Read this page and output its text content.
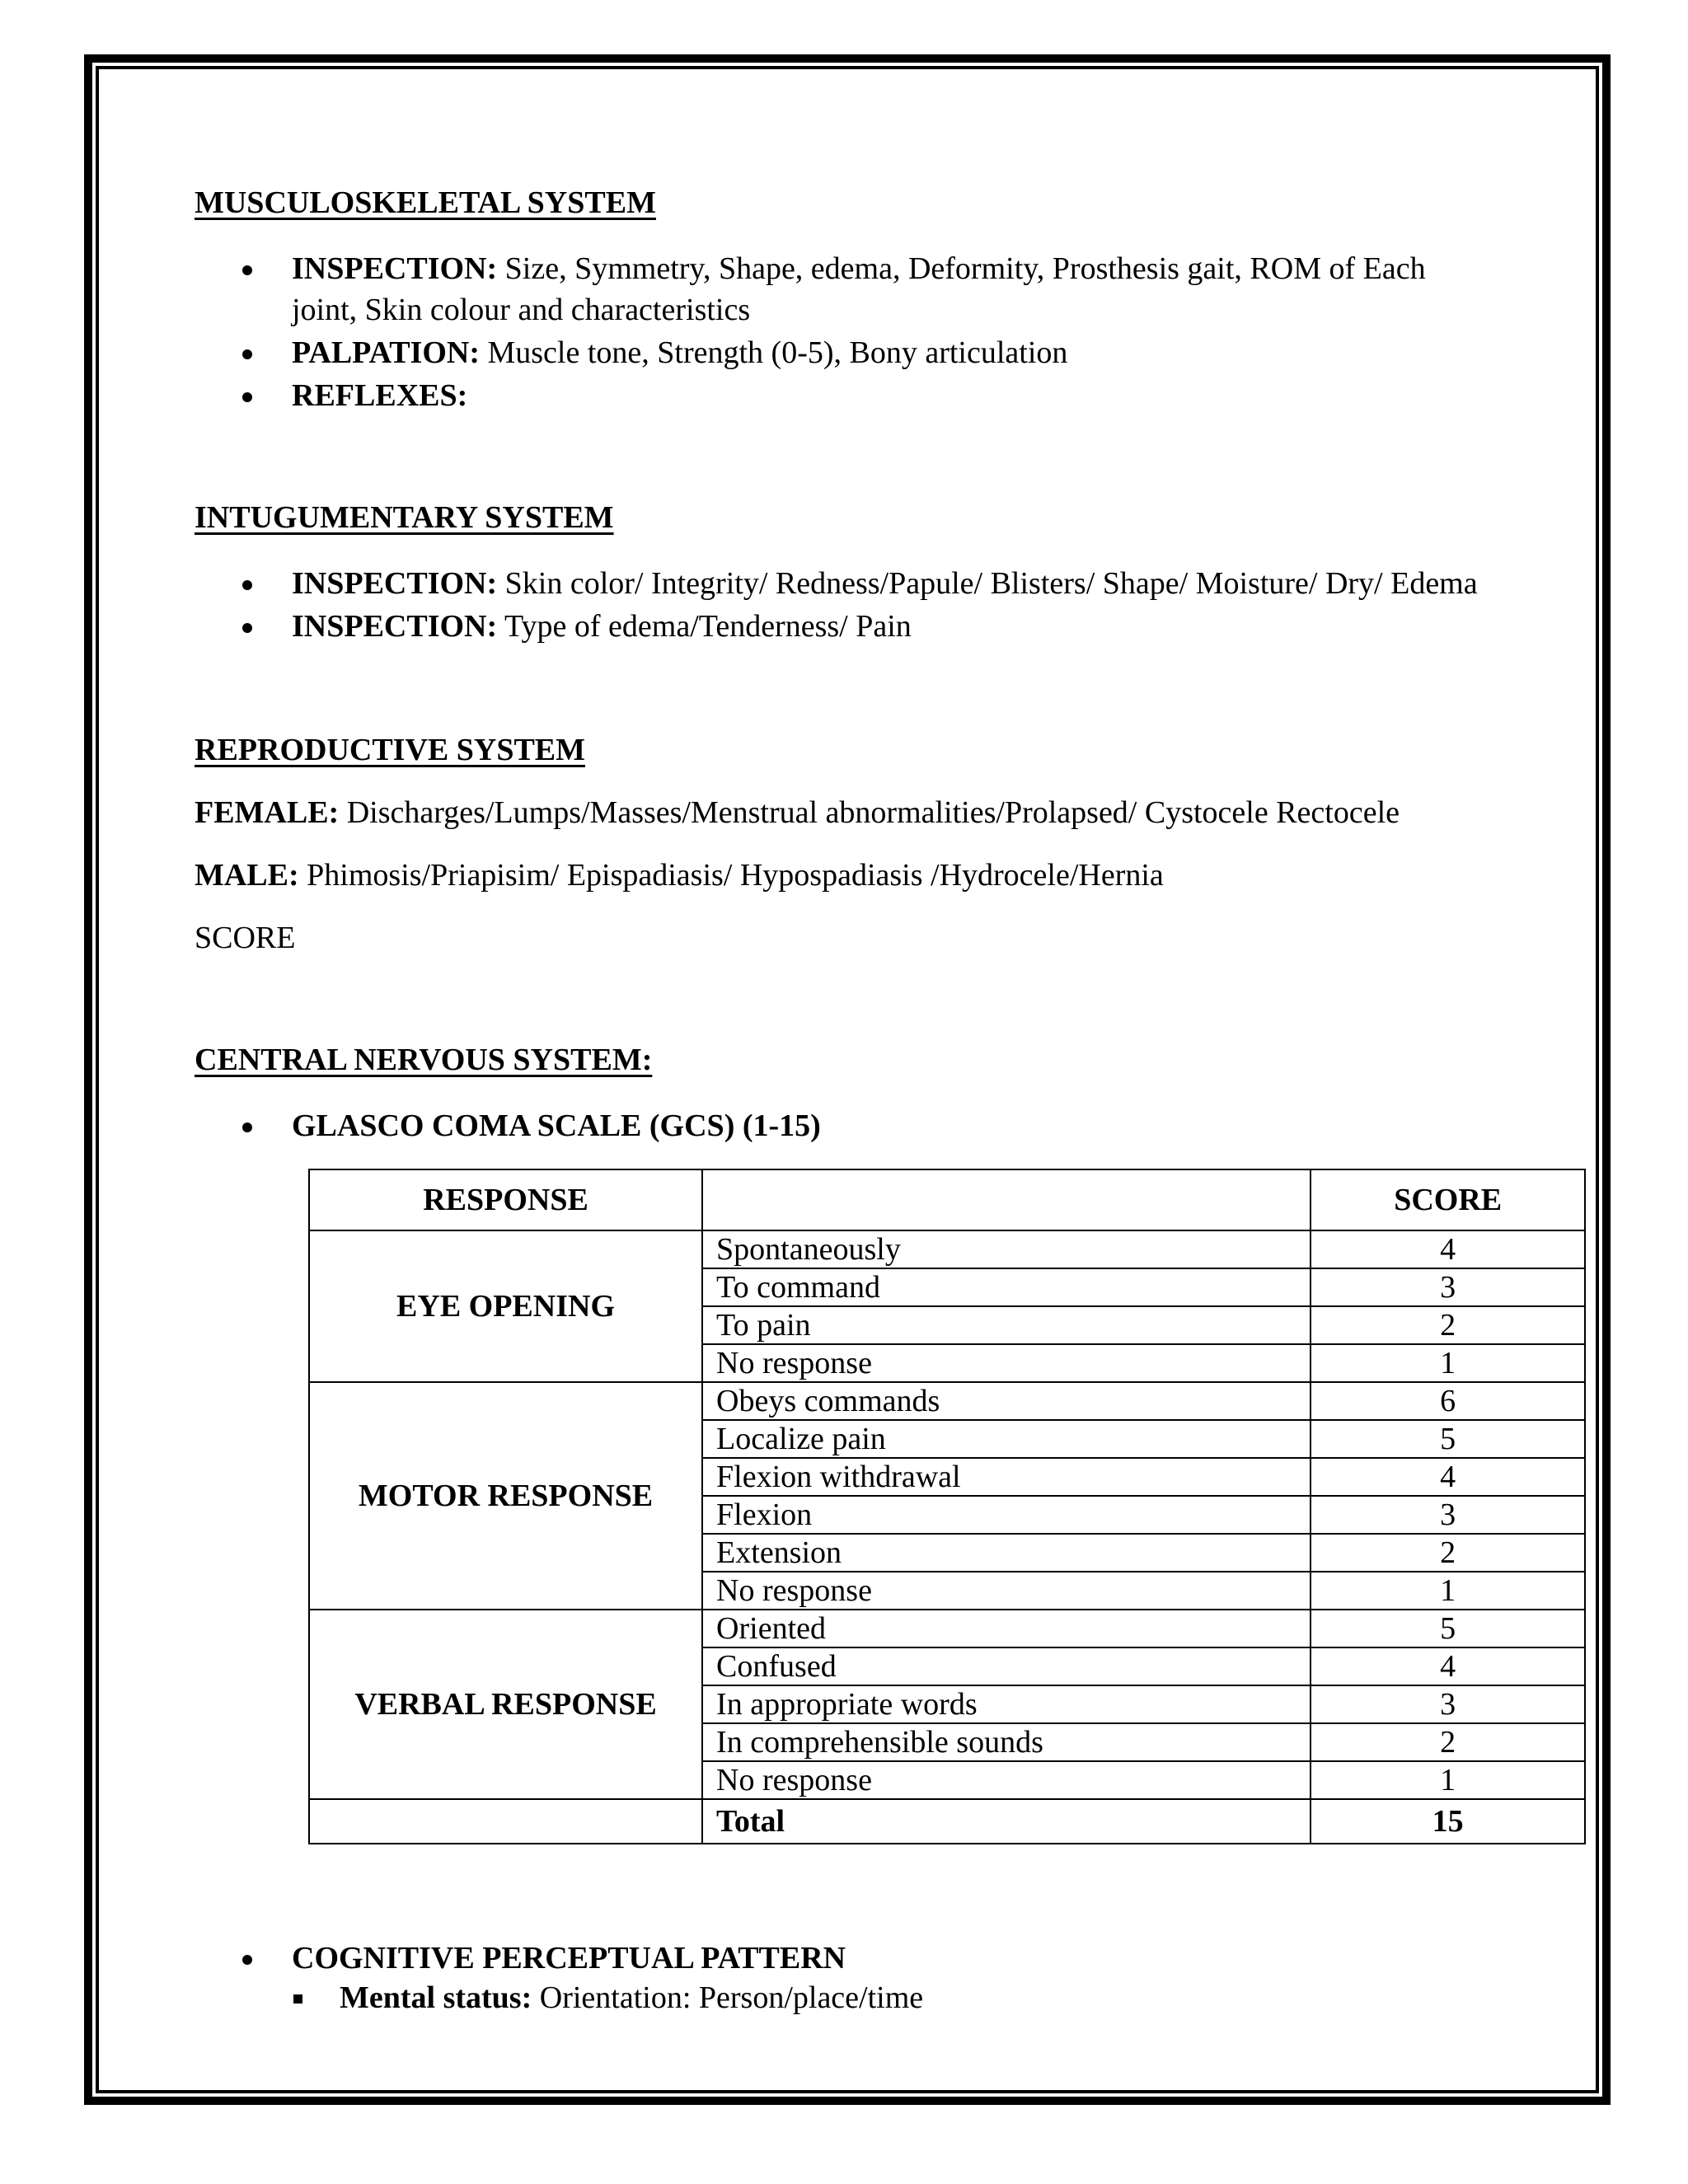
MUSCULOSKELETAL SYSTEM
INSPECTION: Size, Symmetry, Shape, edema, Deformity, Prosthesis gait, ROM of Each
joint, Skin colour and characteristics
PALPATION: Muscle tone, Strength (0-5), Bony articulation
REFLEXES:
INTUGUMENTARY SYSTEM
INSPECTION: Skin color/ Integrity/ Redness/Papule/ Blisters/ Shape/ Moisture/ Dry/ Edema
INSPECTION: Type of edema/Tenderness/ Pain
REPRODUCTIVE SYSTEM
FEMALE: Discharges/Lumps/Masses/Menstrual abnormalities/Prolapsed/ Cystocele Rectocele
MALE: Phimosis/Priapisim/ Epispadiasis/ Hypospadiasis /Hydrocele/Hernia
SCORE
CENTRAL NERVOUS SYSTEM:
GLASCO COMA SCALE (GCS) (1-15)
RESPONSE		SCORE
EYE OPENING	Spontaneously	4
	To command	3
	To pain	2
	No response	1
MOTOR RESPONSE	Obeys commands	6
	Localize pain	5
	Flexion withdrawal	4
	Flexion	3
	Extension	2
	No response	1
VERBAL RESPONSE	Oriented	5
	Confused	4
	In appropriate words	3
	In comprehensible sounds	2
	No response	1
	Total	15
COGNITIVE PERCEPTUAL PATTERN
Mental status: Orientation: Person/place/time
